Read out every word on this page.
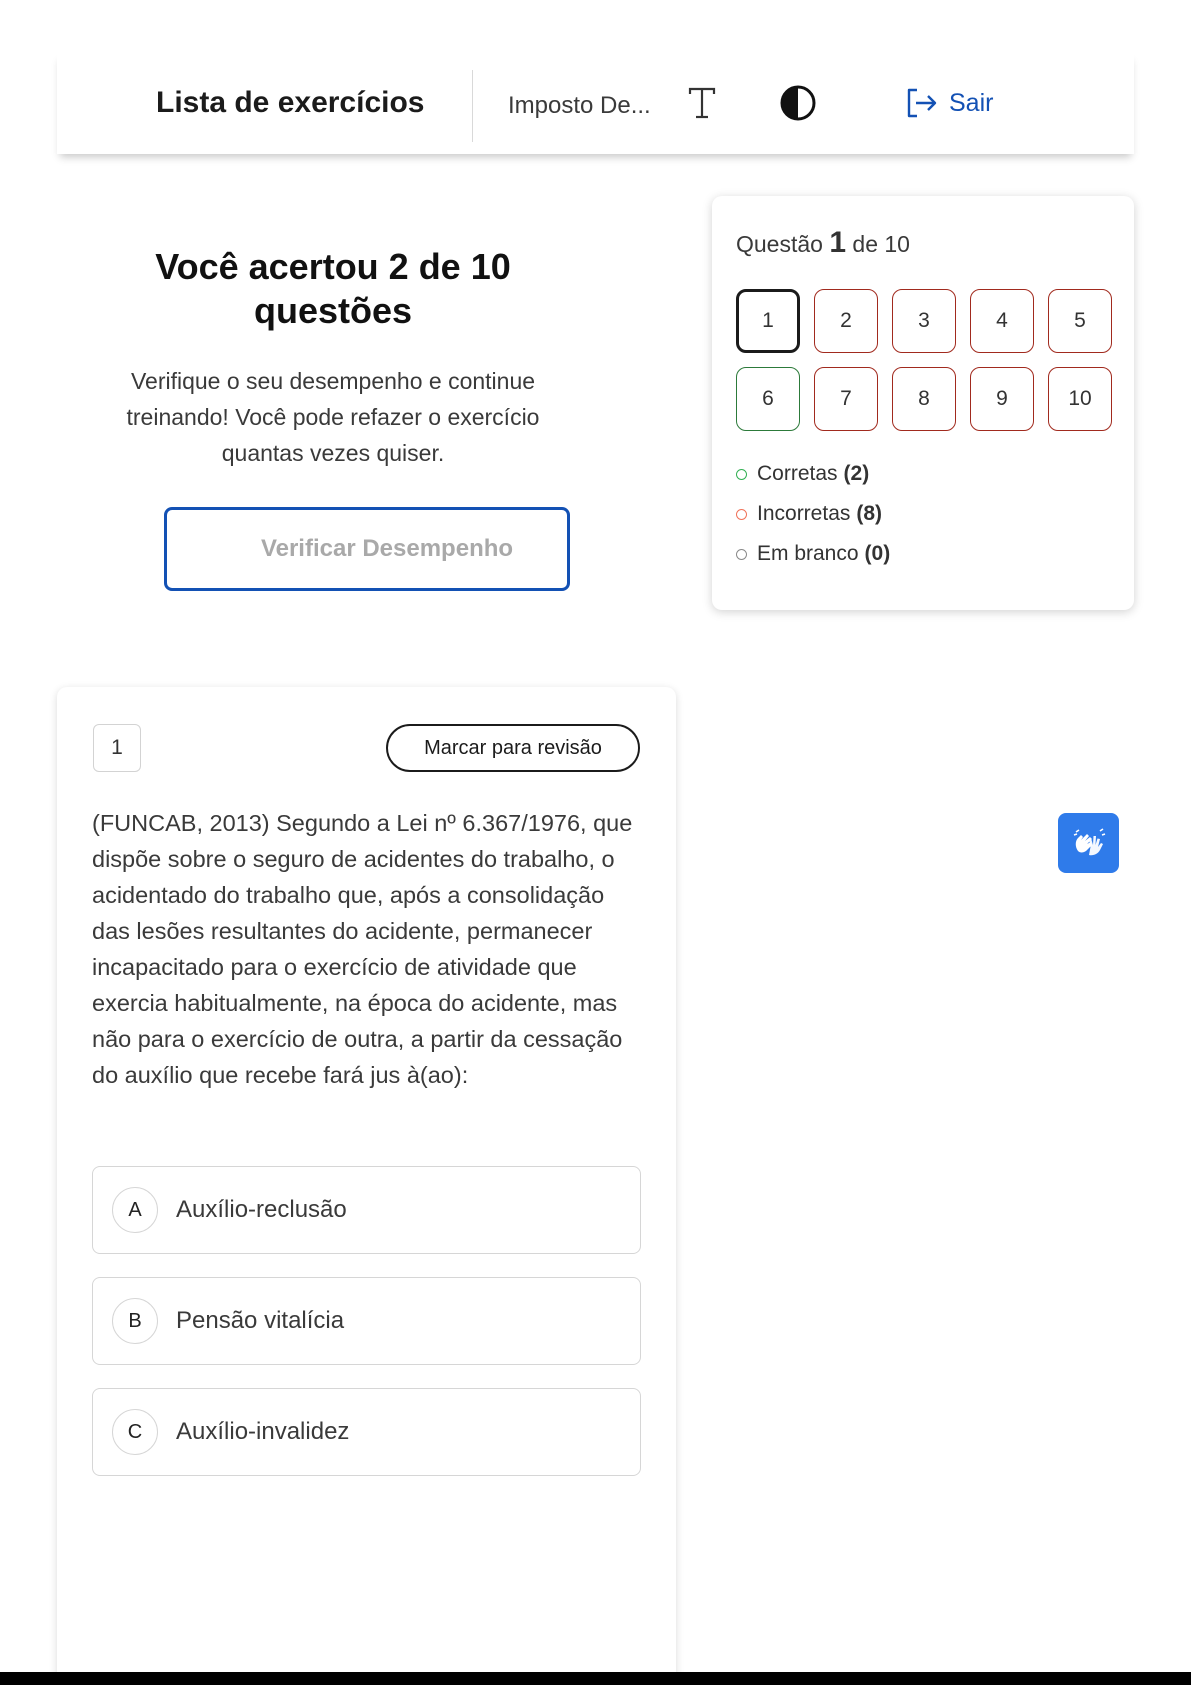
Lista de exercícios	Imposto De...	Sair
Você acertou 2 de 10 questões
Verifique o seu desempenho e continue treinando! Você pode refazer o exercício quantas vezes quiser.
Verificar Desempenho
Questão 1 de 10
1	2	3	4	5
6	7	8	9	10
Corretas (2)
Incorretas (8)
Em branco (0)
1	Marcar para revisão
(FUNCAB, 2013) Segundo a Lei nº 6.367/1976, que dispõe sobre o seguro de acidentes do trabalho, o acidentado do trabalho que, após a consolidação das lesões resultantes do acidente, permanecer incapacitado para o exercício de atividade que exercia habitualmente, na época do acidente, mas não para o exercício de outra, a partir da cessação do auxílio que recebe fará jus à(ao):
A	Auxílio-reclusão
B	Pensão vitalícia
C	Auxílio-invalidez
